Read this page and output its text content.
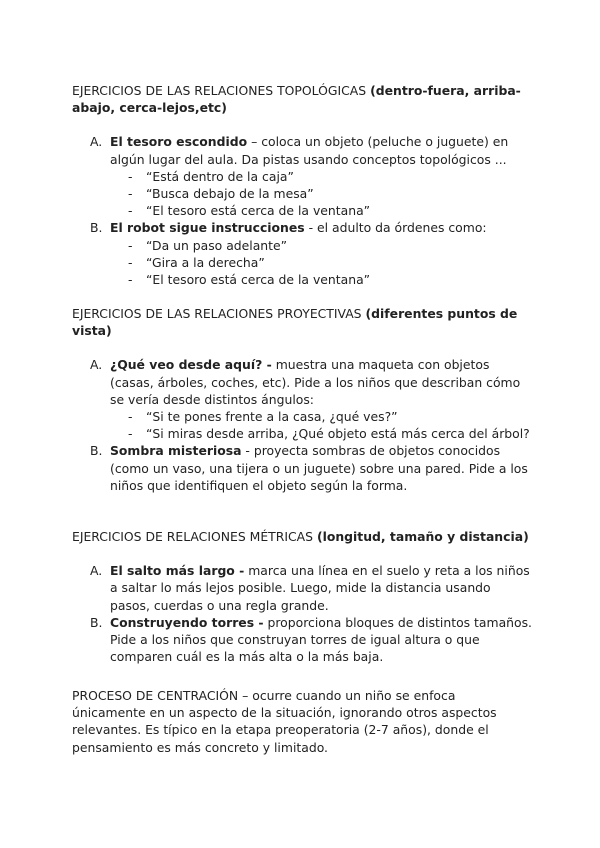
EJERCICIOS DE LAS RELACIONES TOPOLÓGICAS (dentro-fuera, arriba-abajo, cerca-lejos,etc)

A. El tesoro escondido – coloca un objeto (peluche o juguete) en algún lugar del aula. Da pistas usando conceptos topológicos ...
- “Está dentro de la caja”
- “Busca debajo de la mesa”
- “El tesoro está cerca de la ventana”
B. El robot sigue instrucciones - el adulto da órdenes como:
- “Da un paso adelante”
- “Gira a la derecha”
- “El tesoro está cerca de la ventana”

EJERCICIOS DE LAS RELACIONES PROYECTIVAS (diferentes puntos de vista)

A. ¿Qué veo desde aquí? - muestra una maqueta con objetos (casas, árboles, coches, etc). Pide a los niños que describan cómo se vería desde distintos ángulos:
- “Si te pones frente a la casa, ¿qué ves?”
- “Si miras desde arriba, ¿Qué objeto está más cerca del árbol?
B. Sombra misteriosa - proyecta sombras de objetos conocidos (como un vaso, una tijera o un juguete) sobre una pared. Pide a los niños que identifiquen el objeto según la forma.

EJERCICIOS DE RELACIONES MÉTRICAS (longitud, tamaño y distancia)

A. El salto más largo - marca una línea en el suelo y reta a los niños a saltar lo más lejos posible. Luego, mide la distancia usando pasos, cuerdas o una regla grande.
B. Construyendo torres - proporciona bloques de distintos tamaños. Pide a los niños que construyan torres de igual altura o que comparen cuál es la más alta o la más baja.

PROCESO DE CENTRACIÓN – ocurre cuando un niño se enfoca únicamente en un aspecto de la situación, ignorando otros aspectos relevantes. Es típico en la etapa preoperatoria (2-7 años), donde el pensamiento es más concreto y limitado.
